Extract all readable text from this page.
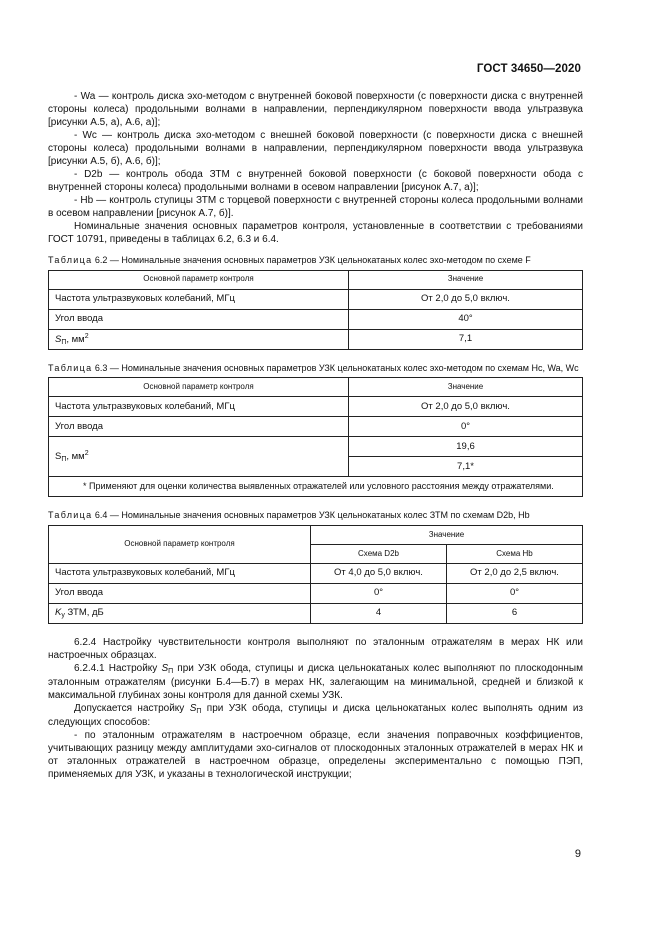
ГОСТ 34650—2020

- Wa — контроль диска эхо-методом с внутренней боковой поверхности (с поверхности диска с внутренней стороны колеса) продольными волнами в направлении, перпендикулярном поверхности ввода ультразвука [рисунки А.5, а), А.6, а)];

- Wc — контроль диска эхо-методом с внешней боковой поверхности (с поверхности диска с внешней стороны колеса) продольными волнами в направлении, перпендикулярном поверхности ввода ультразвука [рисунки А.5, б), А.6, б)];

- D2b — контроль обода ЗТМ с внутренней боковой поверхности (с боковой поверхности обода с внутренней стороны колеса) продольными волнами в осевом направлении [рисунок А.7, а)];

- Hb — контроль ступицы ЗТМ с торцевой поверхности с внутренней стороны колеса продольными волнами в осевом направлении [рисунок А.7, б)].

Номинальные значения основных параметров контроля, установленные в соответствии с требованиями ГОСТ 10791, приведены в таблицах 6.2, 6.3 и 6.4.

Таблица 6.2 — Номинальные значения основных параметров УЗК цельнокатаных колес эхо-методом по схеме F

Основной параметр контроля	Значение
Частота ультразвуковых колебаний, МГц	От 2,0 до 5,0 включ.
Угол ввода	40°
$S_П$, $мм^2$	7,1

Таблица 6.3 — Номинальные значения основных параметров УЗК цельнокатаных колес эхо-методом по схемам Hc, Wa, Wc

Основной параметр контроля	Значение
Частота ультразвуковых колебаний, МГц	От 2,0 до 5,0 включ.
Угол ввода	0°
$S_П$, $мм^2$	19,6
	7,1*
* Применяют для оценки количества выявленных отражателей или условного расстояния между отражателями.	

Таблица 6.4 — Номинальные значения основных параметров УЗК цельнокатаных колес ЗТМ по схемам D2b, Hb

Основной параметр контроля	Значение	
	Схема D2b	Схема Hb
Частота ультразвуковых колебаний, МГц	От 4,0 до 5,0 включ.	От 2,0 до 2,5 включ.
Угол ввода	0°	0°
$K_у$ ЗТМ, дБ	4	6

6.2.4 Настройку чувствительности контроля выполняют по эталонным отражателям в мерах НК или настроечных образцах.

6.2.4.1 Настройку $S_П$ при УЗК обода, ступицы и диска цельнокатаных колес выполняют по плоскодонным эталонным отражателям (рисунки Б.4—Б.7) в мерах НК, залегающим на минимальной, средней и близкой к максимальной глубинах зоны контроля для данной схемы УЗК.

Допускается настройку $S_П$ при УЗК обода, ступицы и диска цельнокатаных колес выполнять одним из следующих способов:

- по эталонным отражателям в настроечном образце, если значения поправочных коэффициентов, учитывающих разницу между амплитудами эхо-сигналов от плоскодонных эталонных отражателей в мерах НК и от эталонных отражателей в настроечном образце, определены экспериментально с помощью ПЭП, применяемых для УЗК, и указаны в технологической инструкции;

9
